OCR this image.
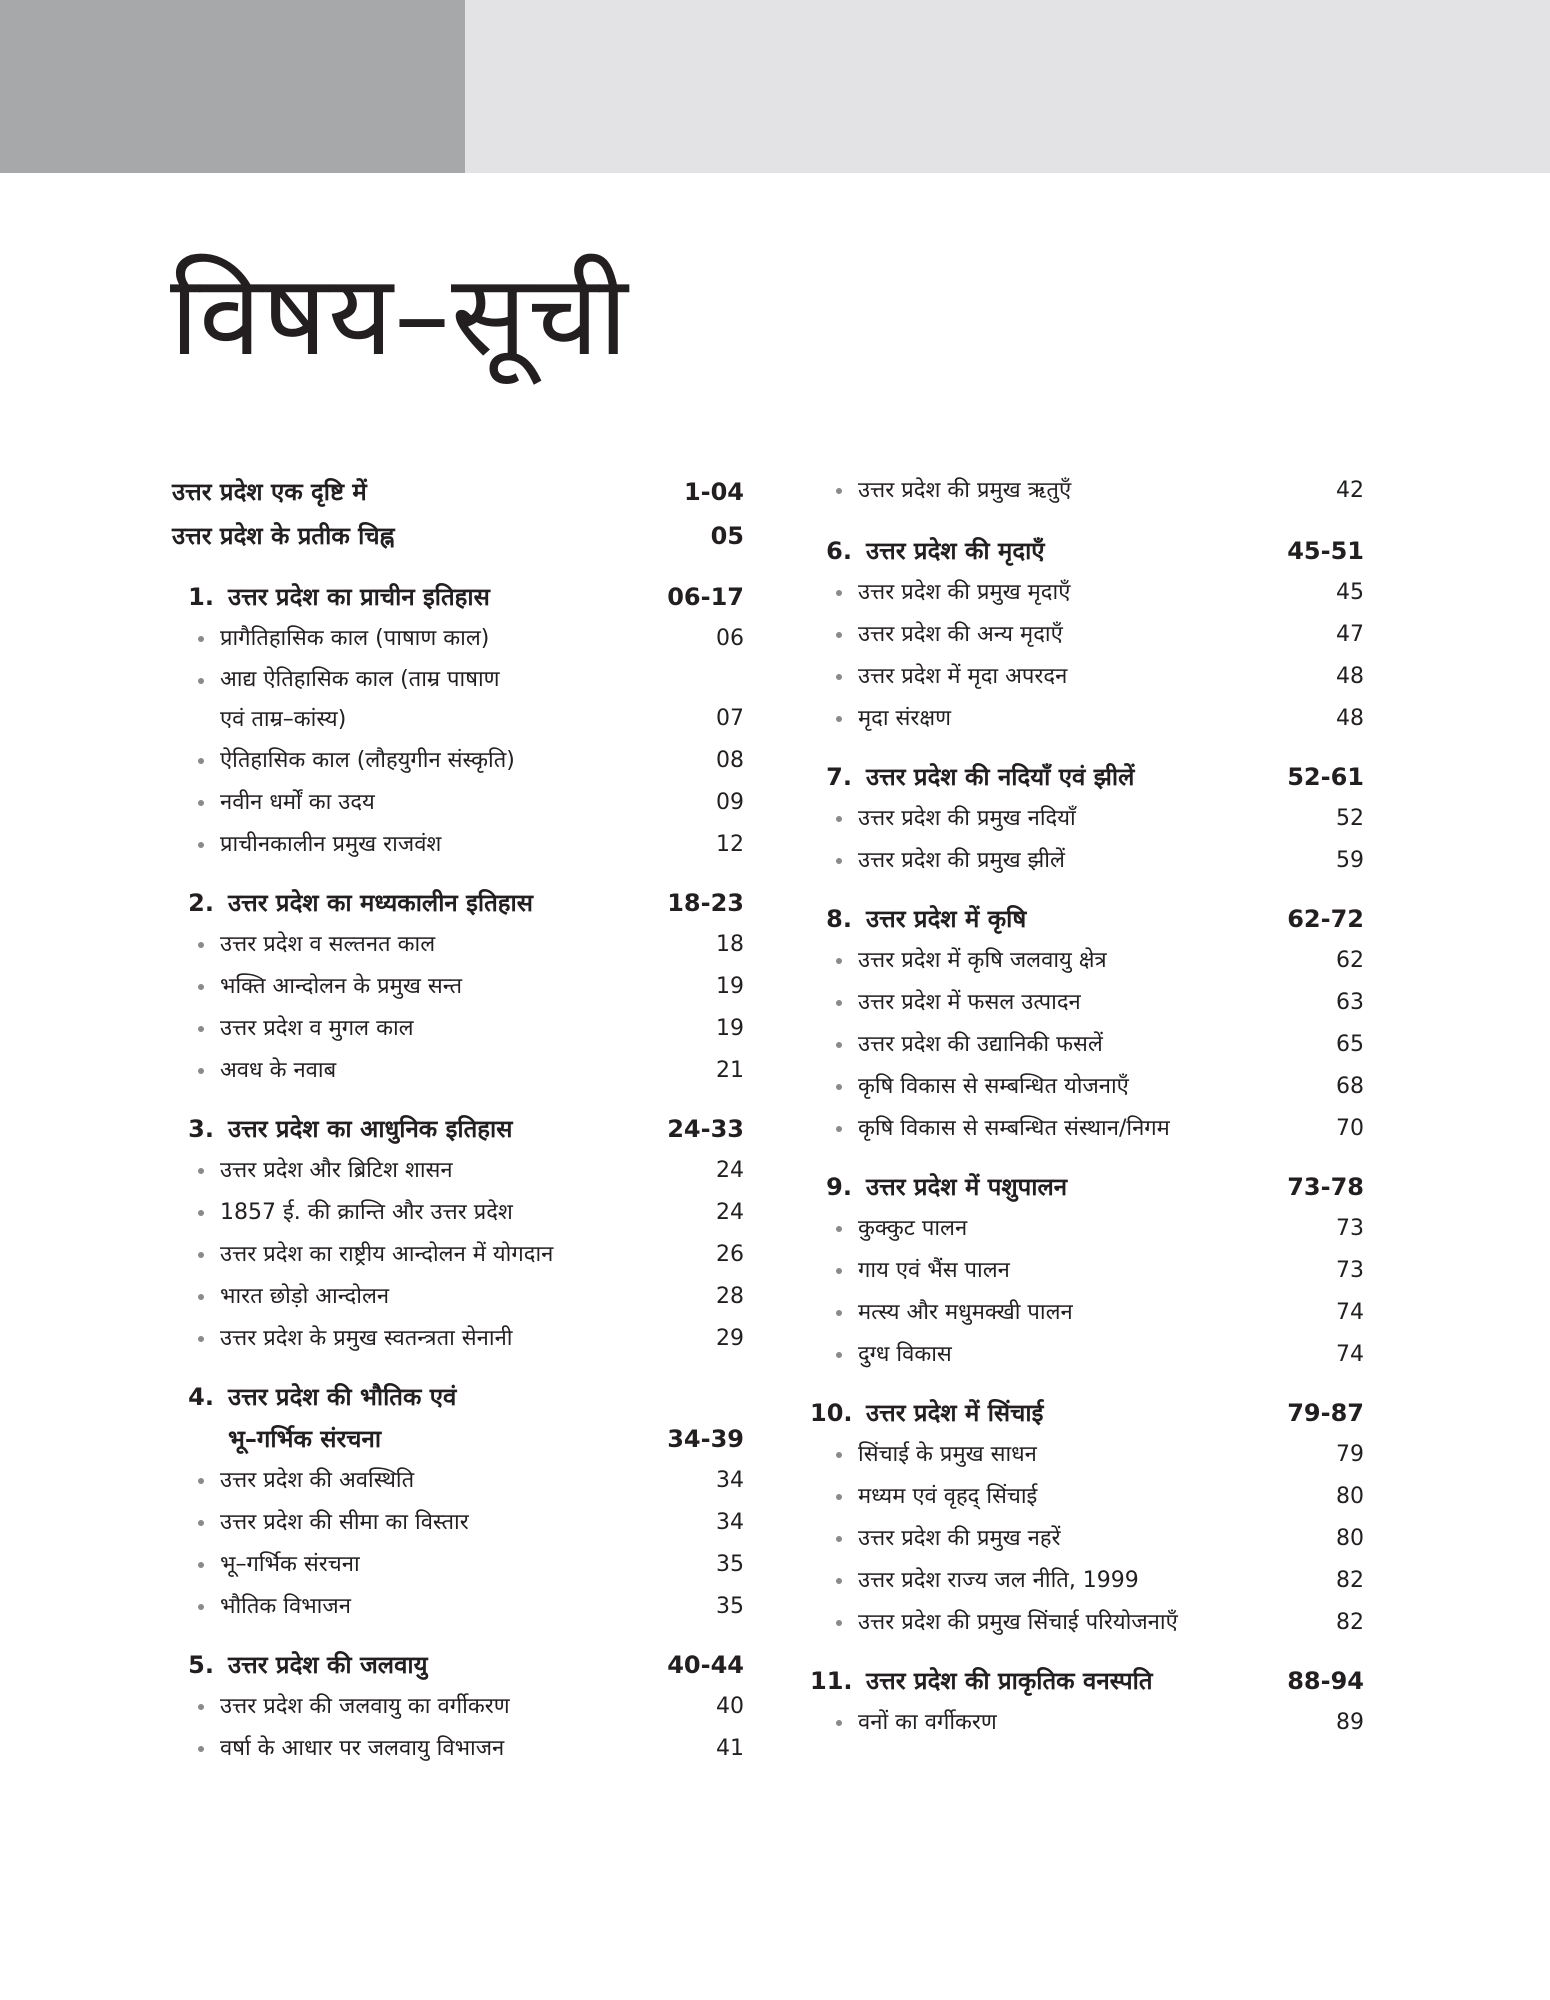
विषय–सूची
उत्तर प्रदेश एक दृष्टि में	1-04
उत्तर प्रदेश के प्रतीक चिह्न	05
1. उत्तर प्रदेश का प्राचीन इतिहास	06-17
प्रागैतिहासिक काल (पाषाण काल)	06
आद्य ऐतिहासिक काल (ताम्र पाषाण
एवं ताम्र–कांस्य)	07
ऐतिहासिक काल (लौहयुगीन संस्कृति)	08
नवीन धर्मों का उदय	09
प्राचीनकालीन प्रमुख राजवंश	12
2. उत्तर प्रदेश का मध्यकालीन इतिहास	18-23
उत्तर प्रदेश व सल्तनत काल	18
भक्ति आन्दोलन के प्रमुख सन्त	19
उत्तर प्रदेश व मुगल काल	19
अवध के नवाब	21
3. उत्तर प्रदेश का आधुनिक इतिहास	24-33
उत्तर प्रदेश और ब्रिटिश शासन	24
1857 ई. की क्रान्ति और उत्तर प्रदेश	24
उत्तर प्रदेश का राष्ट्रीय आन्दोलन में योगदान	26
भारत छोड़ो आन्दोलन	28
उत्तर प्रदेश के प्रमुख स्वतन्त्रता सेनानी	29
4. उत्तर प्रदेश की भौतिक एवं
भू–गर्भिक संरचना	34-39
उत्तर प्रदेश की अवस्थिति	34
उत्तर प्रदेश की सीमा का विस्तार	34
भू–गर्भिक संरचना	35
भौतिक विभाजन	35
5. उत्तर प्रदेश की जलवायु	40-44
उत्तर प्रदेश की जलवायु का वर्गीकरण	40
वर्षा के आधार पर जलवायु विभाजन	41
उत्तर प्रदेश की प्रमुख ऋतुएँ	42
6. उत्तर प्रदेश की मृदाएँ	45-51
उत्तर प्रदेश की प्रमुख मृदाएँ	45
उत्तर प्रदेश की अन्य मृदाएँ	47
उत्तर प्रदेश में मृदा अपरदन	48
मृदा संरक्षण	48
7. उत्तर प्रदेश की नदियाँ एवं झीलें	52-61
उत्तर प्रदेश की प्रमुख नदियाँ	52
उत्तर प्रदेश की प्रमुख झीलें	59
8. उत्तर प्रदेश में कृषि	62-72
उत्तर प्रदेश में कृषि जलवायु क्षेत्र	62
उत्तर प्रदेश में फसल उत्पादन	63
उत्तर प्रदेश की उद्यानिकी फसलें	65
कृषि विकास से सम्बन्धित योजनाएँ	68
कृषि विकास से सम्बन्धित संस्थान/निगम	70
9. उत्तर प्रदेश में पशुपालन	73-78
कुक्कुट पालन	73
गाय एवं भैंस पालन	73
मत्स्य और मधुमक्खी पालन	74
दुग्ध विकास	74
10. उत्तर प्रदेश में सिंचाई	79-87
सिंचाई के प्रमुख साधन	79
मध्यम एवं वृहद् सिंचाई	80
उत्तर प्रदेश की प्रमुख नहरें	80
उत्तर प्रदेश राज्य जल नीति, 1999	82
उत्तर प्रदेश की प्रमुख सिंचाई परियोजनाएँ	82
11. उत्तर प्रदेश की प्राकृतिक वनस्पति	88-94
वनों का वर्गीकरण	89
